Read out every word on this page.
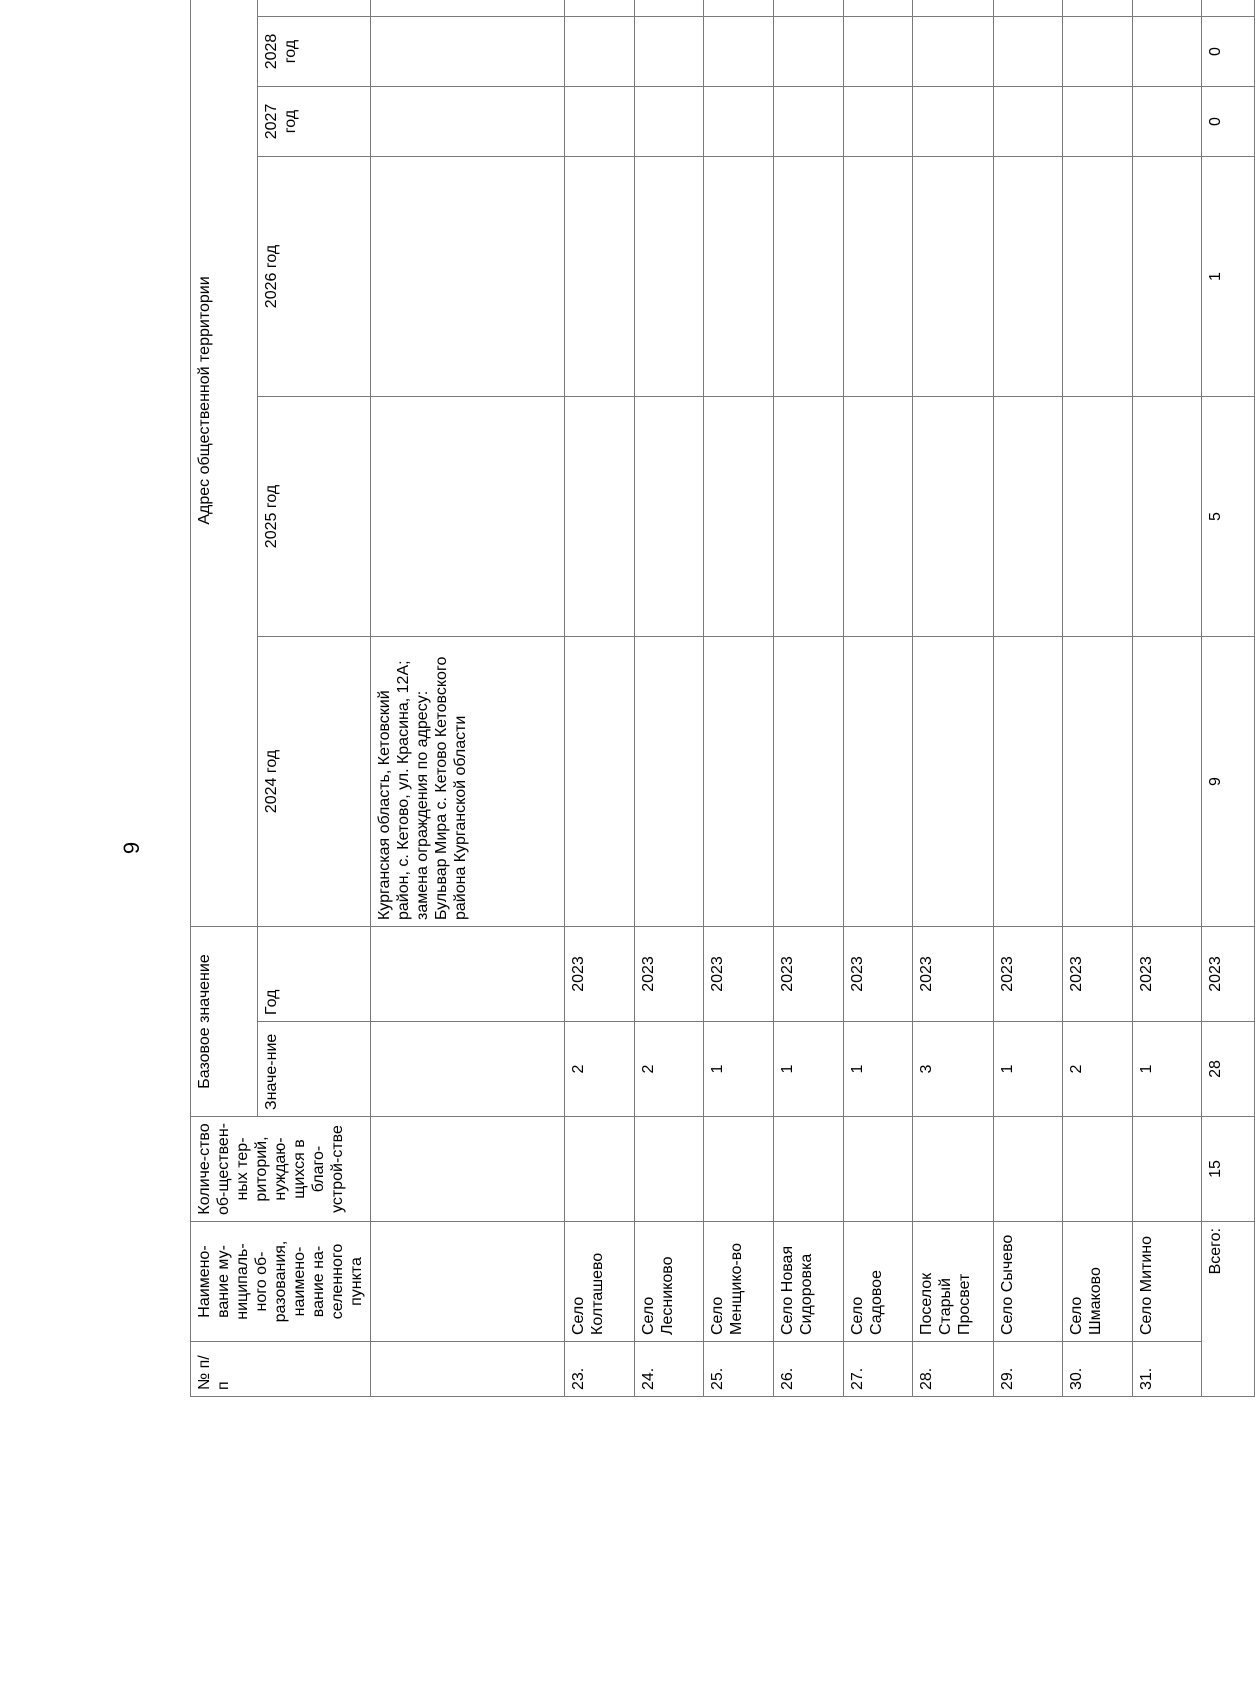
9
№ п/п	Наимено-вание му-ниципаль-ного об-разования, наимено-вание на-селенного пункта	Количе-ство об-ществен-ных тер-риторий, нуждаю-щихся в благо-устрой-стве	Базовое значение		Адрес общественной территории						
			Значе-ние	Год	2024 год	2025 год	2026 год	2027 год	2028 год		
					Курганская область, Кетовский район, с. Кетово, ул. Красина, 12А; замена ограждения по адресу: Бульвар Мира с. Кетово Кетовского района Курганской области						
23.	Село Колташево		2	2023							
24.	Село Лесниково		2	2023							
25.	Село Менщико-во		1	2023							
26.	Село Новая Сидоровка		1	2023							
27.	Село Садовое		1	2023							
28.	Поселок Старый Просвет		3	2023							
29.	Село Сычево		1	2023							
30.	Село Шмаково		2	2023							
31.	Село Митино		1	2023							
Всего:		15	28	2023	9	5	1	0	0		
